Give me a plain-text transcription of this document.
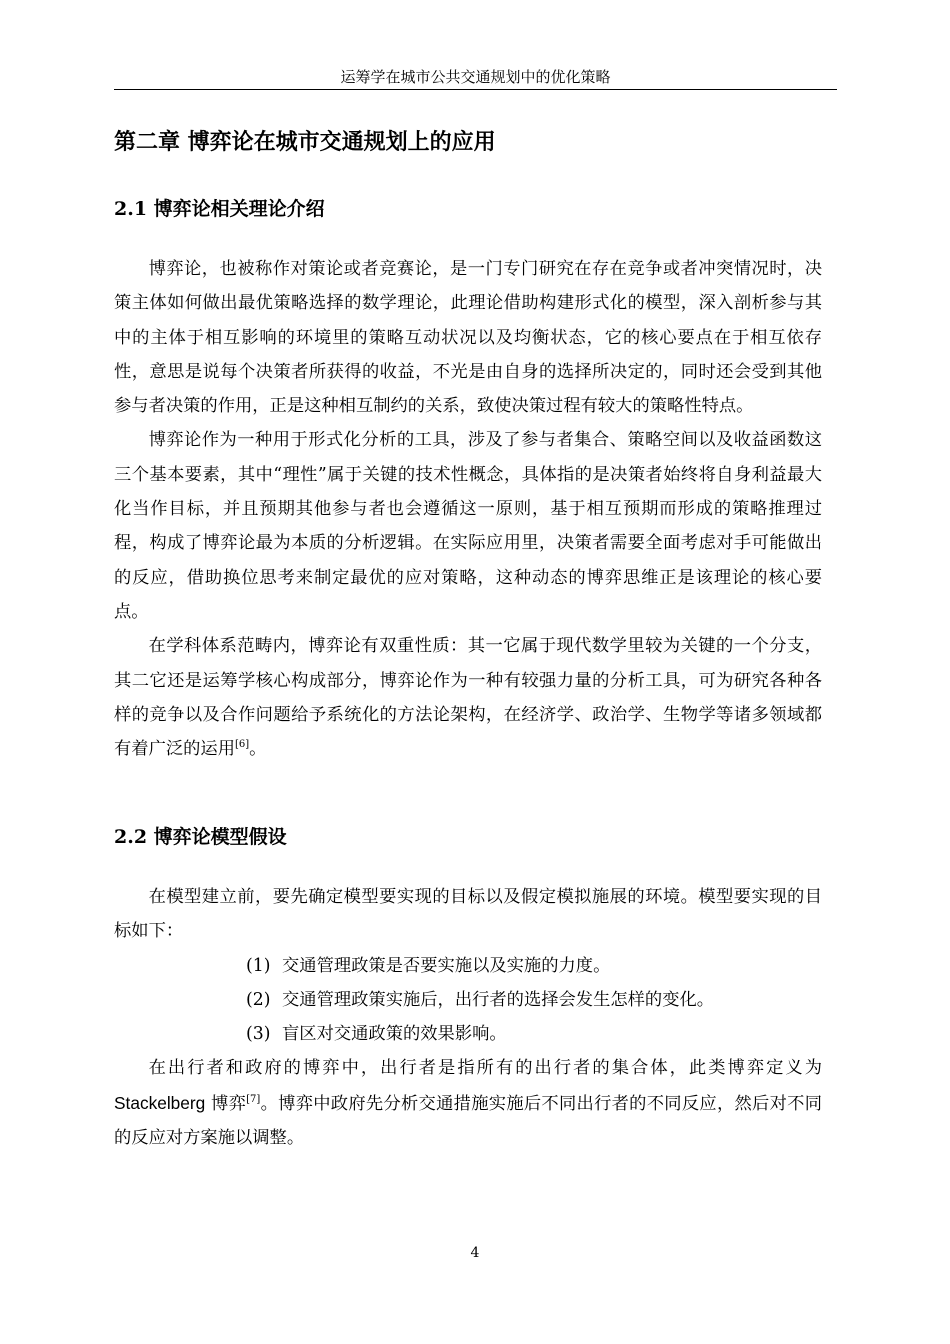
运筹学在城市公共交通规划中的优化策略
第二章 博弈论在城市交通规划上的应用
2.1 博弈论相关理论介绍

博弈论，也被称作对策论或者竞赛论，是一门专门研究在存在竞争或者冲突情况时，决策主体如何做出最优策略选择的数学理论，此理论借助构建形式化的模型，深入剖析参与其中的主体于相互影响的环境里的策略互动状况以及均衡状态，它的核心要点在于相互依存性，意思是说每个决策者所获得的收益，不光是由自身的选择所决定的，同时还会受到其他参与者决策的作用，正是这种相互制约的关系，致使决策过程有较大的策略性特点。

博弈论作为一种用于形式化分析的工具，涉及了参与者集合、策略空间以及收益函数这三个基本要素，其中“理性”属于关键的技术性概念，具体指的是决策者始终将自身利益最大化当作目标，并且预期其他参与者也会遵循这一原则，基于相互预期而形成的策略推理过程，构成了博弈论最为本质的分析逻辑。在实际应用里，决策者需要全面考虑对手可能做出的反应，借助换位思考来制定最优的应对策略，这种动态的博弈思维正是该理论的核心要点。

在学科体系范畴内，博弈论有双重性质：其一它属于现代数学里较为关键的一个分支，其二它还是运筹学核心构成部分，博弈论作为一种有较强力量的分析工具，可为研究各种各样的竞争以及合作问题给予系统化的方法论架构，在经济学、政治学、生物学等诸多领域都有着广泛的运用[6]。

2.2 博弈论模型假设

在模型建立前，要先确定模型要实现的目标以及假定模拟施展的环境。模型要实现的目标如下：

(1) 交通管理政策是否要实施以及实施的力度。

(2) 交通管理政策实施后，出行者的选择会发生怎样的变化。

(3) 盲区对交通政策的效果影响。

在出行者和政府的博弈中，出行者是指所有的出行者的集合体，此类博弈定义为Stackelberg 博弈[7]。博弈中政府先分析交通措施实施后不同出行者的不同反应，然后对不同的反应对方案施以调整。

4
